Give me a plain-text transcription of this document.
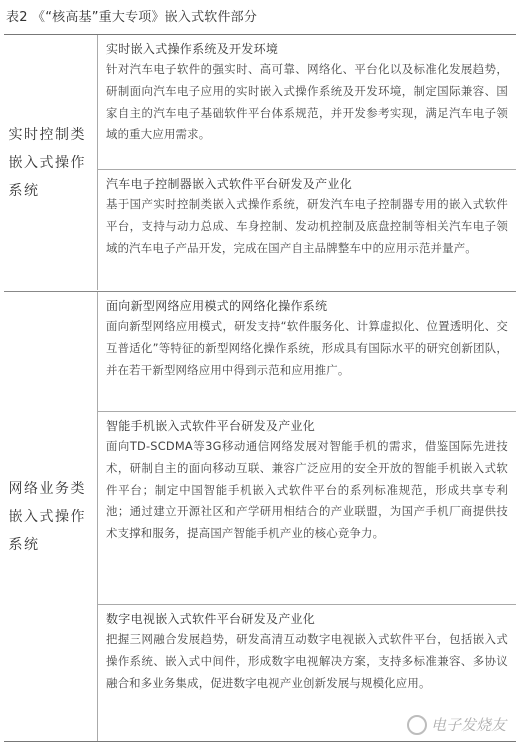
表2 《“核高基”重大专项》嵌入式软件部分
实时控制类嵌入式操作系统
实时嵌入式操作系统及开发环境
针对汽车电子软件的强实时、高可靠、网络化、平台化以及标准化发展趋势，研制面向汽车电子应用的实时嵌入式操作系统及开发环境，制定国际兼容、国家自主的汽车电子基础软件平台体系规范，并开发参考实现，满足汽车电子领域的重大应用需求。
汽车电子控制器嵌入式软件平台研发及产业化
基于国产实时控制类嵌入式操作系统，研发汽车电子控制器专用的嵌入式软件平台，支持与动力总成、车身控制、发动机控制及底盘控制等相关汽车电子领域的汽车电子产品开发，完成在国产自主品牌整车中的应用示范并量产。
网络业务类嵌入式操作系统
面向新型网络应用模式的网络化操作系统
面向新型网络应用模式，研发支持“软件服务化、计算虚拟化、位置透明化、交互普适化”等特征的新型网络化操作系统，形成具有国际水平的研究创新团队，并在若干新型网络应用中得到示范和应用推广。
智能手机嵌入式软件平台研发及产业化
面向TD-SCDMA等3G移动通信网络发展对智能手机的需求，借鉴国际先进技术，研制自主的面向移动互联、兼容广泛应用的安全开放的智能手机嵌入式软件平台；制定中国智能手机嵌入式软件平台的系列标准规范，形成共享专利池；通过建立开源社区和产学研用相结合的产业联盟，为国产手机厂商提供技术支撑和服务，提高国产智能手机产业的核心竞争力。
数字电视嵌入式软件平台研发及产业化
把握三网融合发展趋势，研发高清互动数字电视嵌入式软件平台，包括嵌入式操作系统、嵌入式中间件，形成数字电视解决方案，支持多标准兼容、多协议融合和多业务集成，促进数字电视产业创新发展与规模化应用。
电子发烧友
